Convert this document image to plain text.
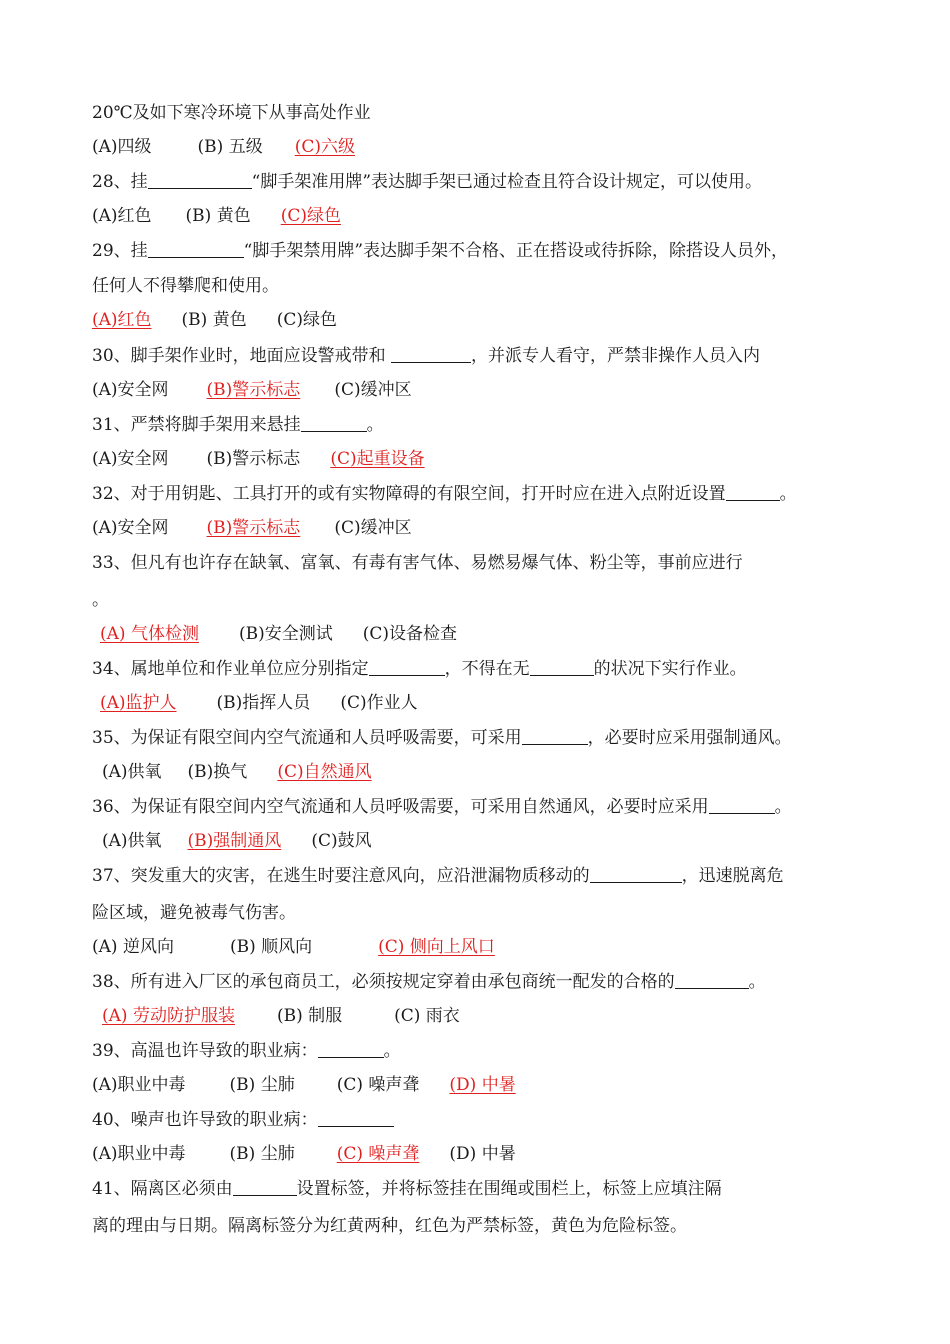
20℃及如下寒冷环境下从事高处作业
(A)四级	(B) 五级 (C)六级
28、挂	“脚手架准用牌”表达脚手架已通过检查且符合设计规定，可以使用。
(A)红色 (B) 黄色 (C)绿色
29、挂	“脚手架禁用牌”表达脚手架不合格、正在搭设或待拆除，除搭设人员外，
任何人不得攀爬和使用。
(A)红色(B) 黄色 (C)绿色
30、脚手架作业时，地面应设警戒带和	，并派专人看守，严禁非操作人员入内
(A)安全网 (B)警示标志 (C)缓冲区
31、严禁将脚手架用来悬挂	。
(A)安全网 (B)警示标志 (C)起重设备
32、对于用钥匙、工具打开的或有实物障碍的有限空间，打开时应在进入点附近设置	。
(A)安全网 (B)警示标志 (C)缓冲区
33、但凡有也许存在缺氧、富氧、有毒有害气体、易燃易爆气体、粉尘等，事前应进行
。
(A) 气体检测 (B)安全测试 (C)设备检查
34、属地单位和作业单位应分别指定	，不得在无	的状况下实行作业。
(A)监护人 (B)指挥人员 (C)作业人
35、为保证有限空间内空气流通和人员呼吸需要，可采用	，必要时应采用强制通风。
(A)供氧 (B)换气 (C)自然通风
36、为保证有限空间内空气流通和人员呼吸需要，可采用自然通风，必要时应采用	。
(A)供氧 (B)强制通风 (C)鼓风
37、突发重大的灾害，在逃生时要注意风向，应沿泄漏物质移动的	，迅速脱离危
险区域，避免被毒气伤害。
(A) 逆风向	(B) 顺风向	(C) 侧向上风口
38、所有进入厂区的承包商员工，必须按规定穿着由承包商统一配发的合格的	。
(A) 劳动防护服装 (B) 制服	(C) 雨衣
39、高温也许导致的职业病：	。
(A)职业中毒	(B) 尘肺 (C) 噪声聋 (D) 中暑
40、噪声也许导致的职业病：
(A)职业中毒	(B) 尘肺 (C) 噪声聋 (D) 中暑
41、隔离区必须由	设置标签，并将标签挂在围绳或围栏上，标签上应填注隔
离的理由与日期。隔离标签分为红黄两种，红色为严禁标签，黄色为危险标签。
